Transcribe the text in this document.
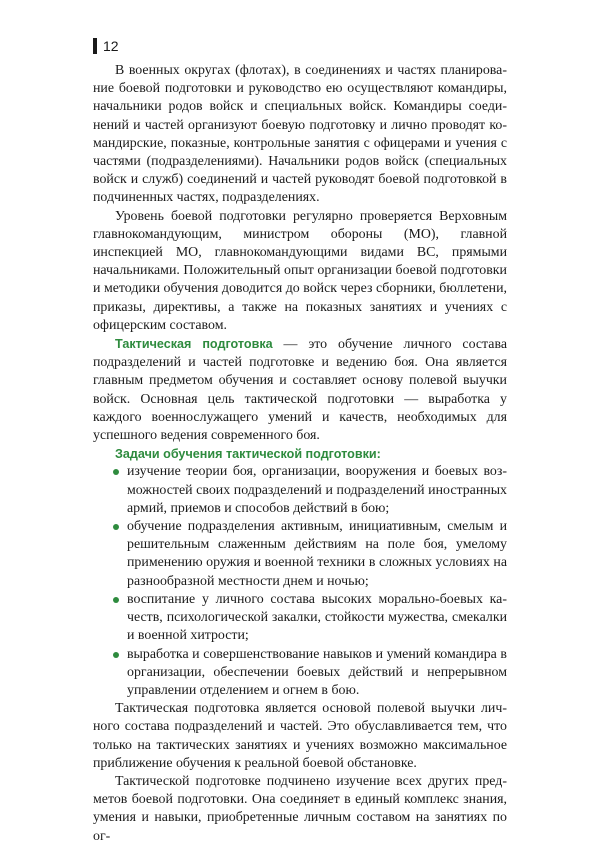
12

В военных округах (флотах), в соединениях и частях планирование боевой подготовки и руководство ею осуществляют командиры, начальники родов войск и специальных войск. Командиры соединений и частей организуют боевую подготовку и лично проводят командирские, показные, контрольные занятия с офицерами и учения с частями (подразделениями). Начальники родов войск (специальных войск и служб) соединений и частей руководят боевой подготовкой в подчиненных частях, подразделениях.

Уровень боевой подготовки регулярно проверяется Верховным главнокомандующим, министром обороны (МО), главной инспекцией МО, главнокомандующими видами ВС, прямыми начальниками. Положительный опыт организации боевой подготовки и методики обучения доводится до войск через сборники, бюллетени, приказы, директивы, а также на показных занятиях и учениях с офицерским составом.

Тактическая подготовка — это обучение личного состава подразделений и частей подготовке и ведению боя. Она является главным предметом обучения и составляет основу полевой выучки войск. Основная цель тактической подготовки — выработка у каждого военнослужащего умений и качеств, необходимых для успешного ведения современного боя.

Задачи обучения тактической подготовки:
изучение теории боя, организации, вооружения и боевых возможностей своих подразделений и подразделений иностранных армий, приемов и способов действий в бою;
обучение подразделения активным, инициативным, смелым и решительным слаженным действиям на поле боя, умелому применению оружия и военной техники в сложных условиях на разнообразной местности днем и ночью;
воспитание у личного состава высоких морально-боевых качеств, психологической закалки, стойкости мужества, смекалки и военной хитрости;
выработка и совершенствование навыков и умений командира в организации, обеспечении боевых действий и непрерывном управлении отделением и огнем в бою.

Тактическая подготовка является основой полевой выучки личного состава подразделений и частей. Это обуславливается тем, что только на тактических занятиях и учениях возможно максимальное приближение обучения к реальной боевой обстановке.

Тактической подготовке подчинено изучение всех других предметов боевой подготовки. Она соединяет в единый комплекс знания, умения и навыки, приобретенные личным составом на занятиях по ог-
